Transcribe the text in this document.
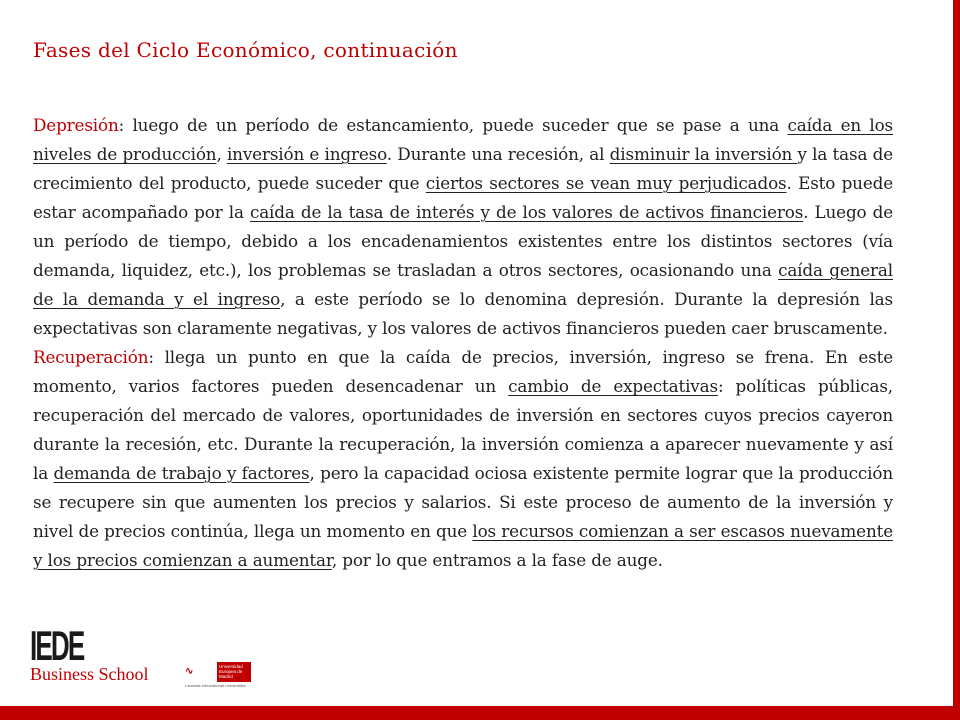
Fases del Ciclo Económico, continuación

Depresión: luego de un período de estancamiento, puede suceder que se pase a una caída en los niveles de producción, inversión e ingreso. Durante una recesión, al disminuir la inversión y la tasa de crecimiento del producto, puede suceder que ciertos sectores se vean muy perjudicados. Esto puede estar acompañado por la caída de la tasa de interés y de los valores de activos financieros. Luego de un período de tiempo, debido a los encadenamientos existentes entre los distintos sectores (vía demanda, liquidez, etc.), los problemas se trasladan a otros sectores, ocasionando una caída general de la demanda y el ingreso, a este período se lo denomina depresión. Durante la depresión las expectativas son claramente negativas, y los valores de activos financieros pueden caer bruscamente.

Recuperación: llega un punto en que la caída de precios, inversión, ingreso se frena. En este momento, varios factores pueden desencadenar un cambio de expectativas: políticas públicas, recuperación del mercado de valores, oportunidades de inversión en sectores cuyos precios cayeron durante la recesión, etc. Durante la recuperación, la inversión comienza a aparecer nuevamente y así la demanda de trabajo y factores, pero la capacidad ociosa existente permite lograr que la producción se recupere sin que aumenten los precios y salarios. Si este proceso de aumento de la inversión y nivel de precios continúa, llega un momento en que los recursos comienzan a ser escasos nuevamente y los precios comienzan a aumentar, por lo que entramos a la fase de auge.

IEDE
Business School	∿	Universidad Europea de Madrid
Laureate International Universities
